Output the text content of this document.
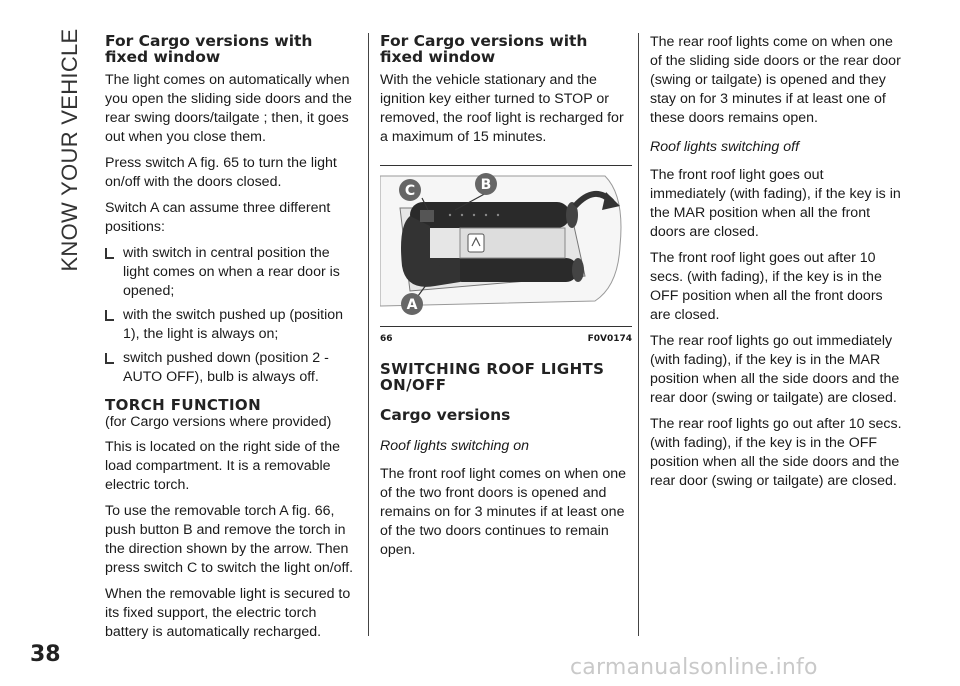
KNOW YOUR VEHICLE For Cargo versions with fixed window

The light comes on automatically when you open the sliding side doors and the rear swing doors/tailgate ; then, it goes out when you close them.

Press switch A fig. 65 to turn the light on/off with the doors closed.

Switch A can assume three different positions:

with switch in central position the light comes on when a rear door is opened;
with the switch pushed up (position 1), the light is always on;
switch pushed down (position 2 - AUTO OFF), bulb is always off.
TORCH FUNCTION

(for Cargo versions where provided)

This is located on the right side of the load compartment. It is a removable electric torch.

To use the removable torch A fig. 66, push button B and remove the torch in the direction shown by the arrow. Then press switch C to switch the light on/off.

When the removable light is secured to its fixed support, the electric torch battery is automatically recharged.

For Cargo versions with fixed window

With the vehicle stationary and the ignition key either turned to STOP or removed, the roof light is recharged for a maximum of 15 minutes.

C	B
A
66	F0V0174
SWITCHING ROOF LIGHTS ON/OFF
Cargo versions

Roof lights switching on

The front roof light comes on when one of the two front doors is opened and remains on for 3 minutes if at least one of the two doors continues to remain open.

The rear roof lights come on when one of the sliding side doors or the rear door (swing or tailgate) is opened and they stay on for 3 minutes if at least one of these doors remains open.

Roof lights switching off

The front roof light goes out immediately (with fading), if the key is in the MAR position when all the front doors are closed.

The front roof light goes out after 10 secs. (with fading), if the key is in the OFF position when all the front doors are closed.

The rear roof lights go out immediately (with fading), if the key is in the MAR position when all the side doors and the rear door (swing or tailgate) are closed.

The rear roof lights go out after 10 secs. (with fading), if the key is in the OFF position when all the side doors and the rear door (swing or tailgate) are closed.

38
carmanualsonline.info
